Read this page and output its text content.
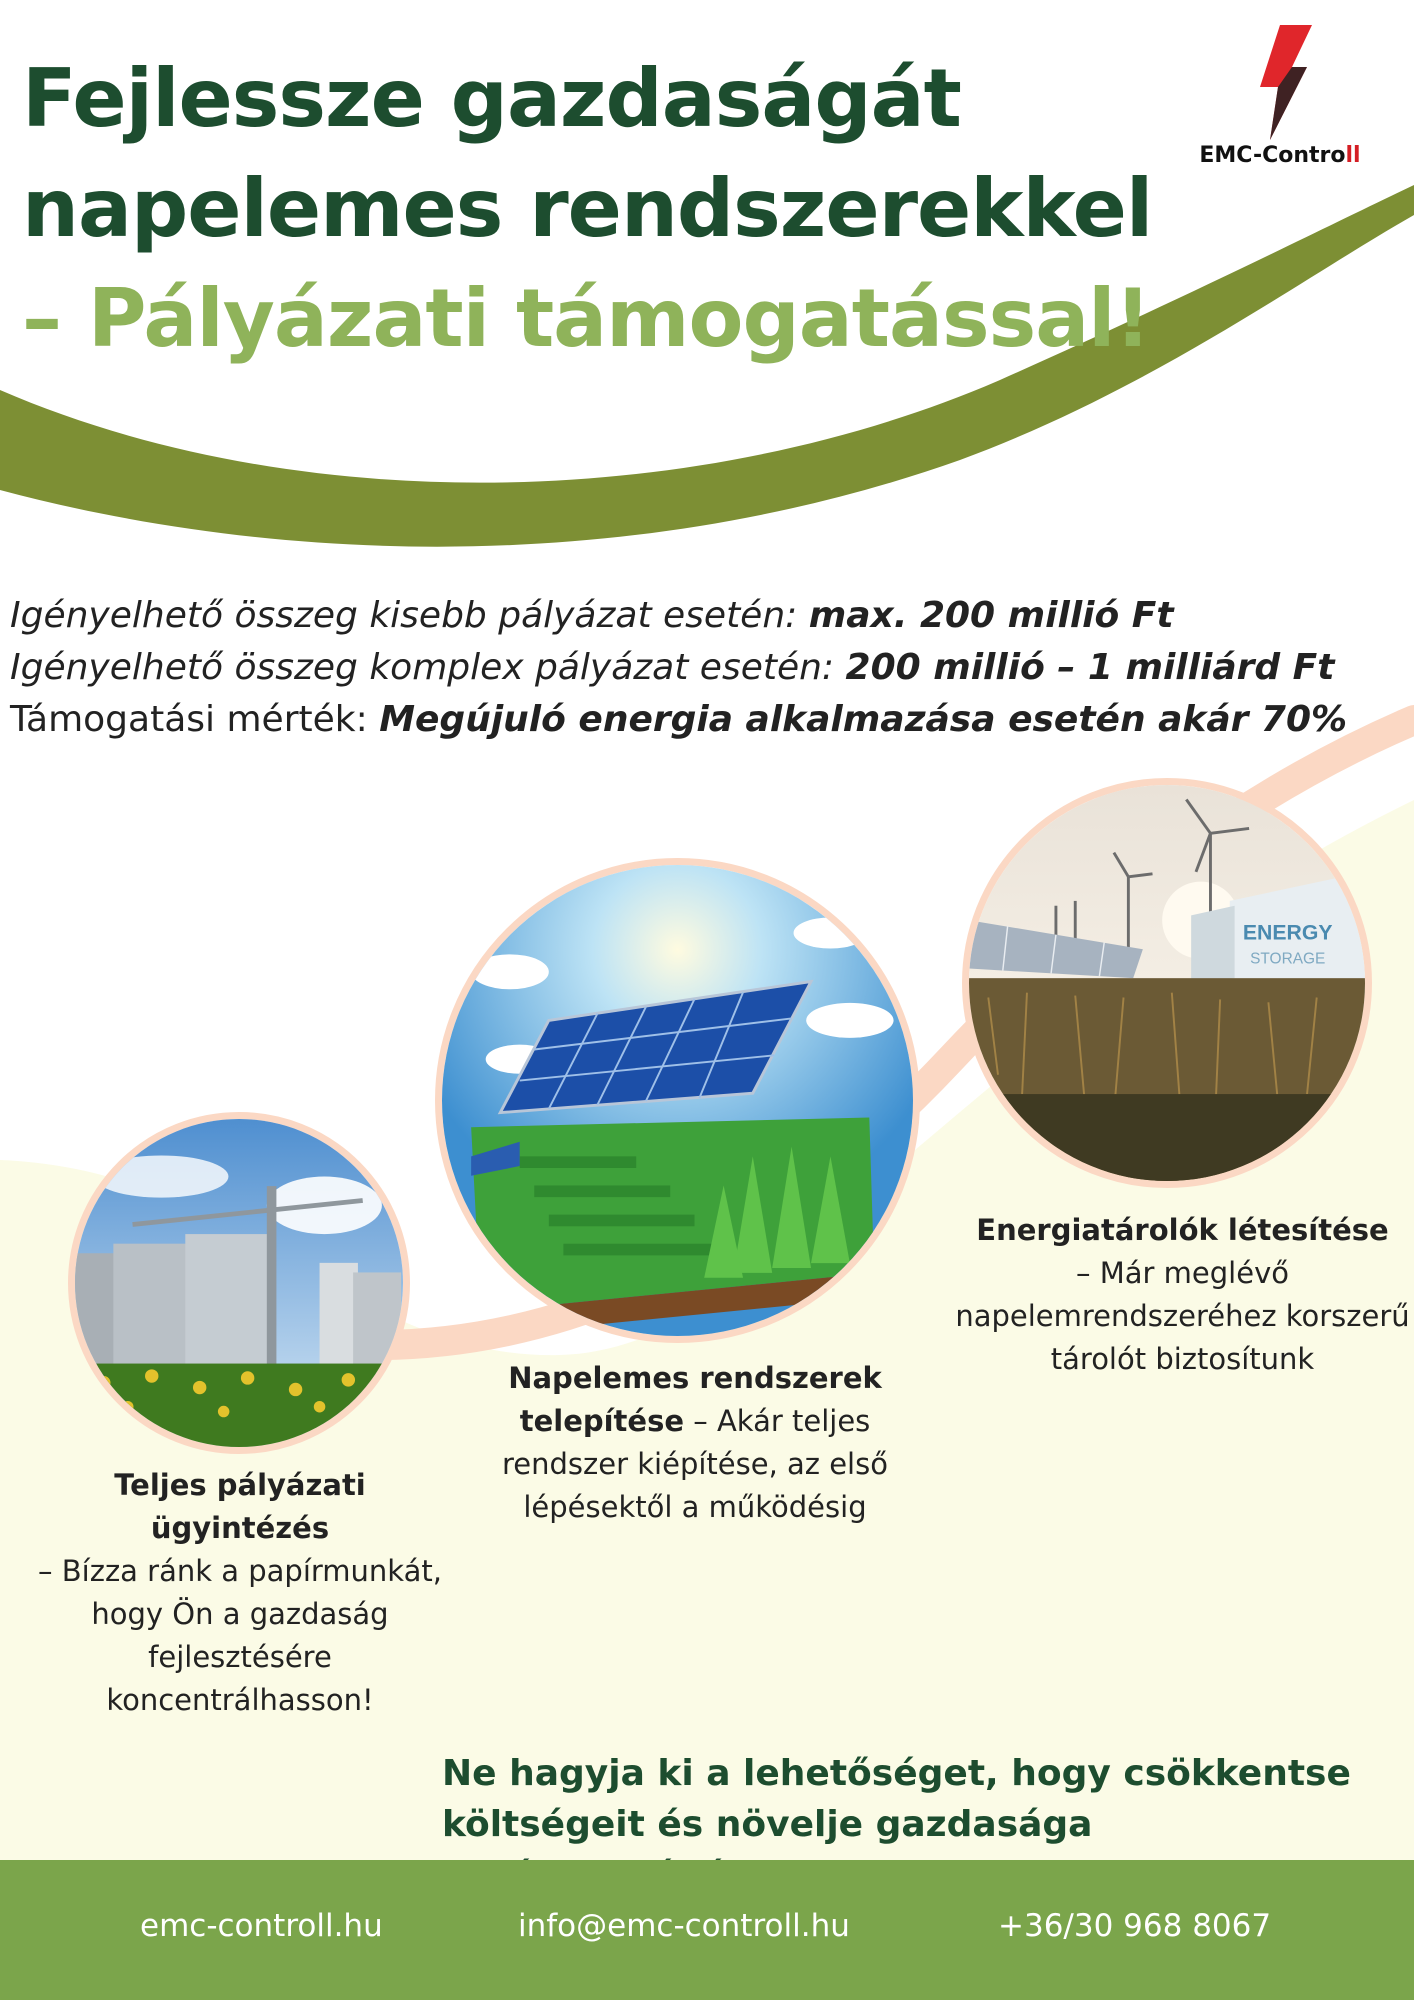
Fejlessze gazdaságát
napelemes rendszerekkel
– Pályázati támogatással!
EMC-Controll
Igényelhető összeg kisebb pályázat esetén: max. 200 millió Ft
Igényelhető összeg komplex pályázat esetén: 200 millió – 1 milliárd Ft
Támogatási mérték: Megújuló energia alkalmazása esetén akár 70%
ENERGY
STORAGE
Teljes pályázati ügyintézés
– Bízza ránk a papírmunkát, hogy Ön a gazdaság fejlesztésére koncentrálhasson!
Napelemes rendszerek telepítése – Akár teljes rendszer kiépítése, az első lépésektől a működésig
Energiatárolók létesítése
– Már meglévő napelemrendszeréhez korszerű tárolót biztosítunk
Ne hagyja ki a lehetőséget, hogy csökkentse
költségeit és növelje gazdasága
emc-controll.hu	info@emc-controll.hu	+36/30 968 8067
